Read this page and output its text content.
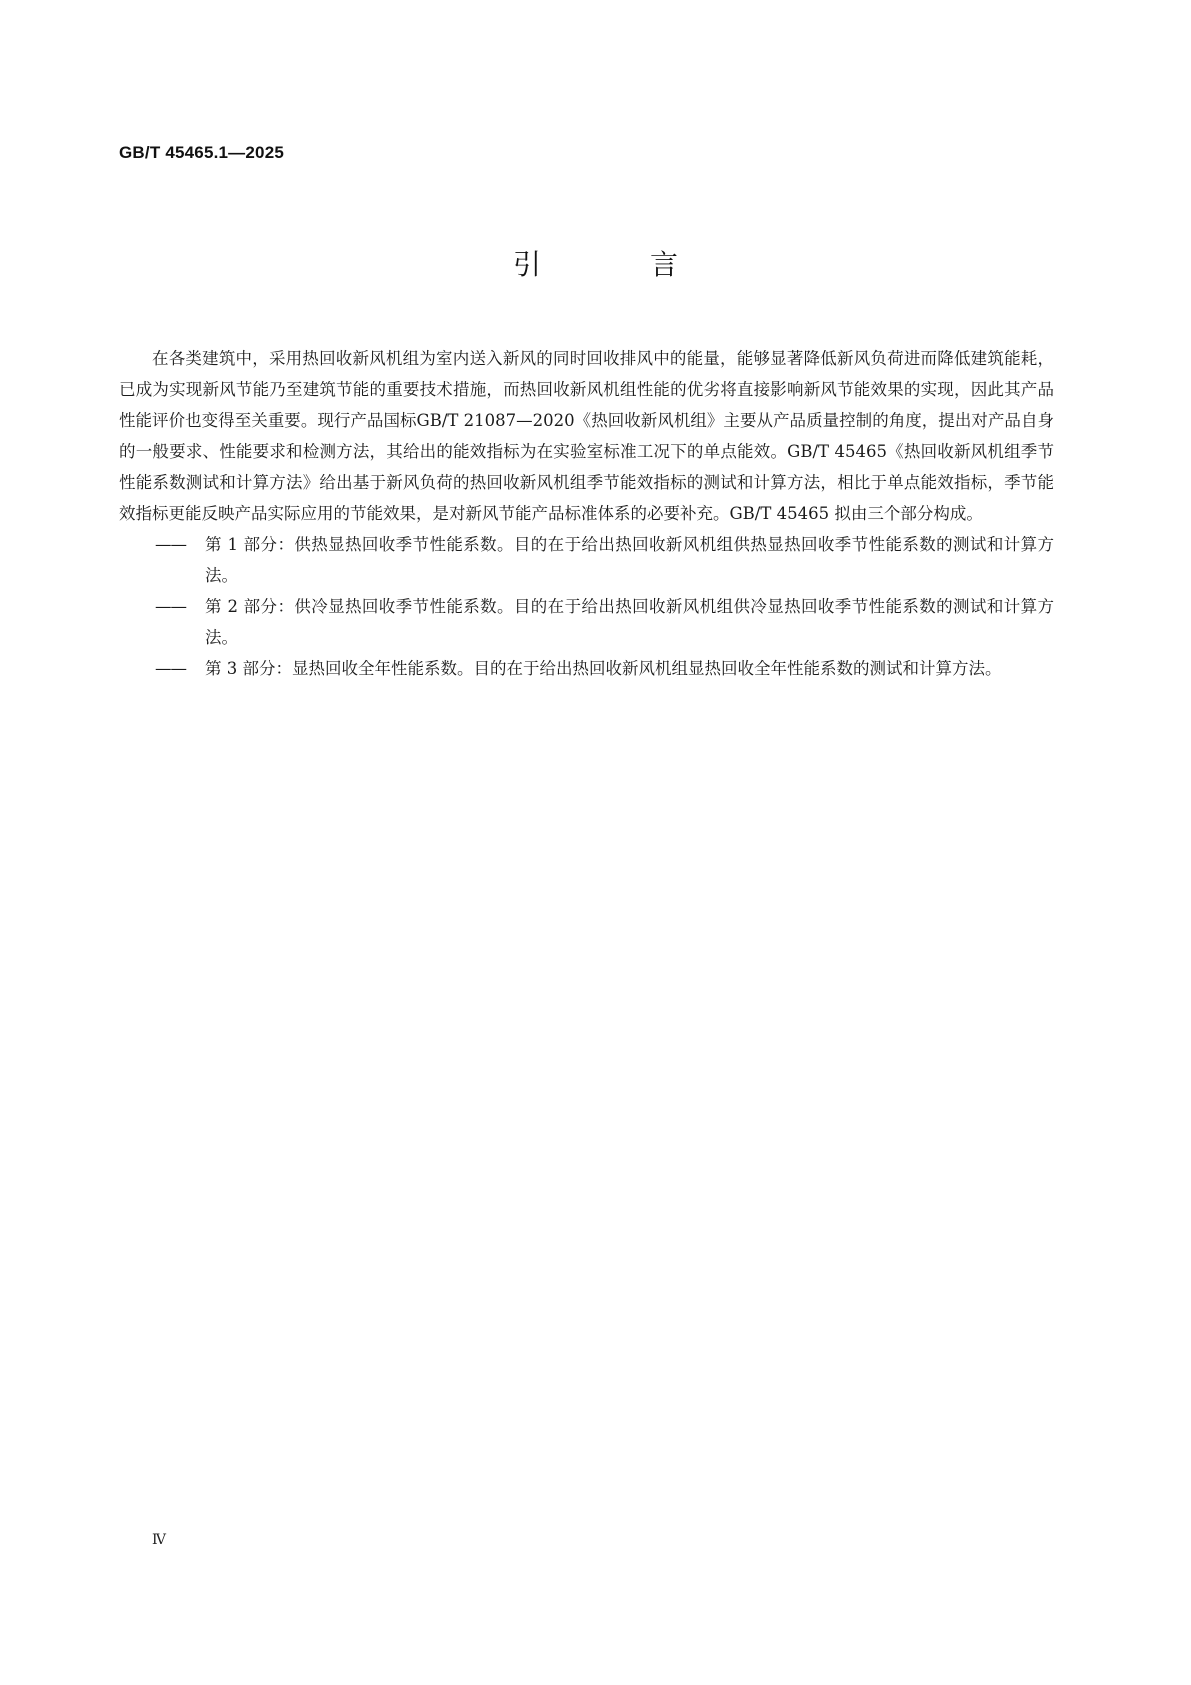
GB/T 45465.1—2025
引 言

在各类建筑中，采用热回收新风机组为室内送入新风的同时回收排风中的能量，能够显著降低新风负荷进而降低建筑能耗，已成为实现新风节能乃至建筑节能的重要技术措施，而热回收新风机组性能的优劣将直接影响新风节能效果的实现，因此其产品性能评价也变得至关重要。现行产品国标GB/T 21087—2020《热回收新风机组》主要从产品质量控制的角度，提出对产品自身的一般要求、性能要求和检测方法，其给出的能效指标为在实验室标准工况下的单点能效。GB/T 45465《热回收新风机组季节性能系数测试和计算方法》给出基于新风负荷的热回收新风机组季节能效指标的测试和计算方法，相比于单点能效指标，季节能效指标更能反映产品实际应用的节能效果，是对新风节能产品标准体系的必要补充。GB/T 45465 拟由三个部分构成。

——	第 1 部分：供热显热回收季节性能系数。目的在于给出热回收新风机组供热显热回收季节性能系数的测试和计算方法。
——	第 2 部分：供冷显热回收季节性能系数。目的在于给出热回收新风机组供冷显热回收季节性能系数的测试和计算方法。
——	第 3 部分：显热回收全年性能系数。目的在于给出热回收新风机组显热回收全年性能系数的测试和计算方法。
Ⅳ
